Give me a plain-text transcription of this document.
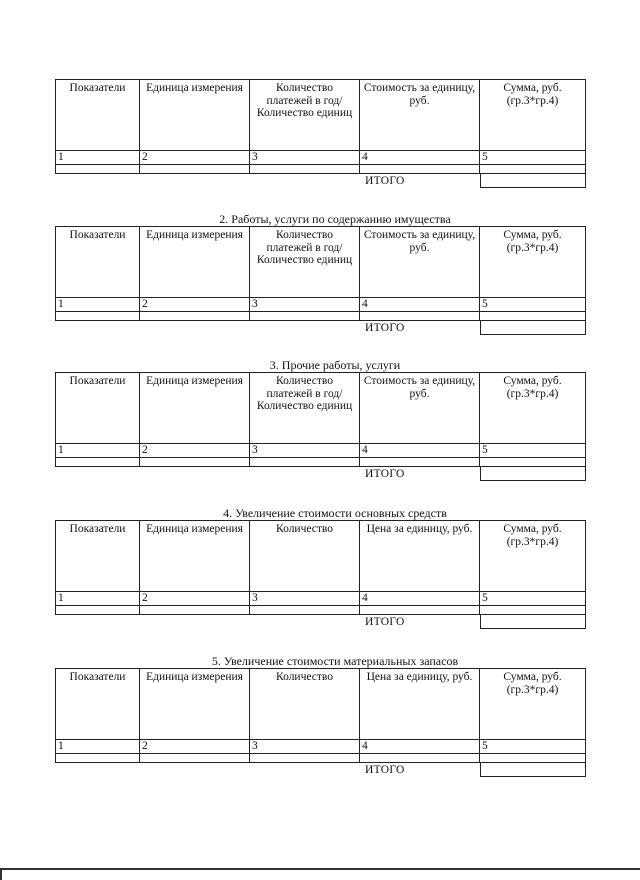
Показатели	Единица измерения	Количество платежей в год/Количество единиц	Стоимость за единицу, руб.	Сумма, руб. (гр.3*гр.4)
1	2	3	4	5

ИТОГО
2. Работы, услуги по содержанию имущества
Показатели	Единица измерения	Количество платежей в год/Количество единиц	Стоимость за единицу, руб.	Сумма, руб. (гр.3*гр.4)
1	2	3	4	5

ИТОГО
3. Прочие работы, услуги
Показатели	Единица измерения	Количество платежей в год/Количество единиц	Стоимость за единицу, руб.	Сумма, руб. (гр.3*гр.4)
1	2	3	4	5

ИТОГО
4. Увеличение стоимости основных средств
Показатели	Единица измерения	Количество	Цена за единицу, руб.	Сумма, руб. (гр.3*гр.4)
1	2	3	4	5

ИТОГО
5. Увеличение стоимости материальных запасов
Показатели	Единица измерения	Количество	Цена за единицу, руб.	Сумма, руб. (гр.3*гр.4)
1	2	3	4	5

ИТОГО
